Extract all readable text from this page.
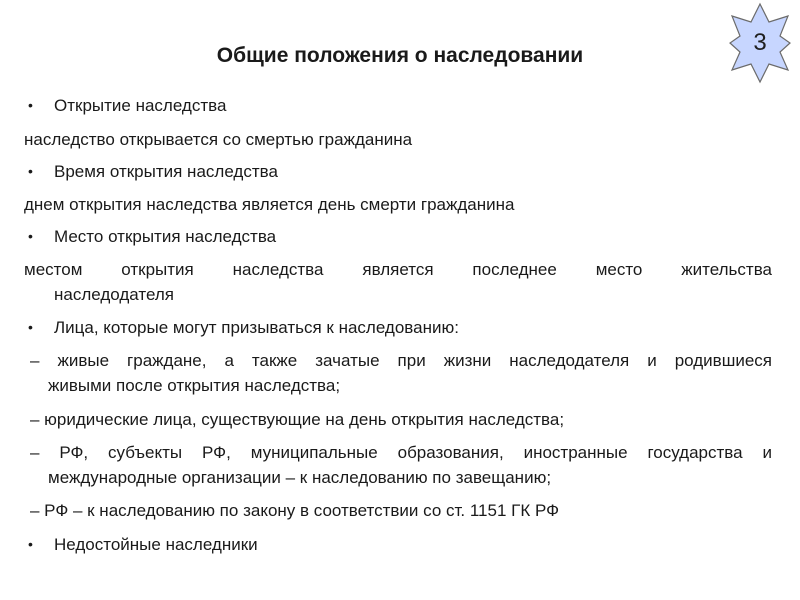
3
Общие положения о наследовании
• Открытие наследства
наследство открывается со смертью гражданина
• Время открытия наследства
днем открытия наследства является день смерти гражданина
• Место открытия наследства
местом открытия наследства является последнее место жительства
наследодателя
• Лица, которые могут призываться к наследованию:
– живые граждане, а также зачатые при жизни наследодателя и родившиеся
живыми после открытия наследства;
– юридические лица, существующие на день открытия наследства;
– РФ, субъекты РФ, муниципальные образования, иностранные государства и
международные организации – к наследованию по завещанию;
– РФ – к наследованию по закону в соответствии со ст. 1151 ГК РФ
• Недостойные наследники
